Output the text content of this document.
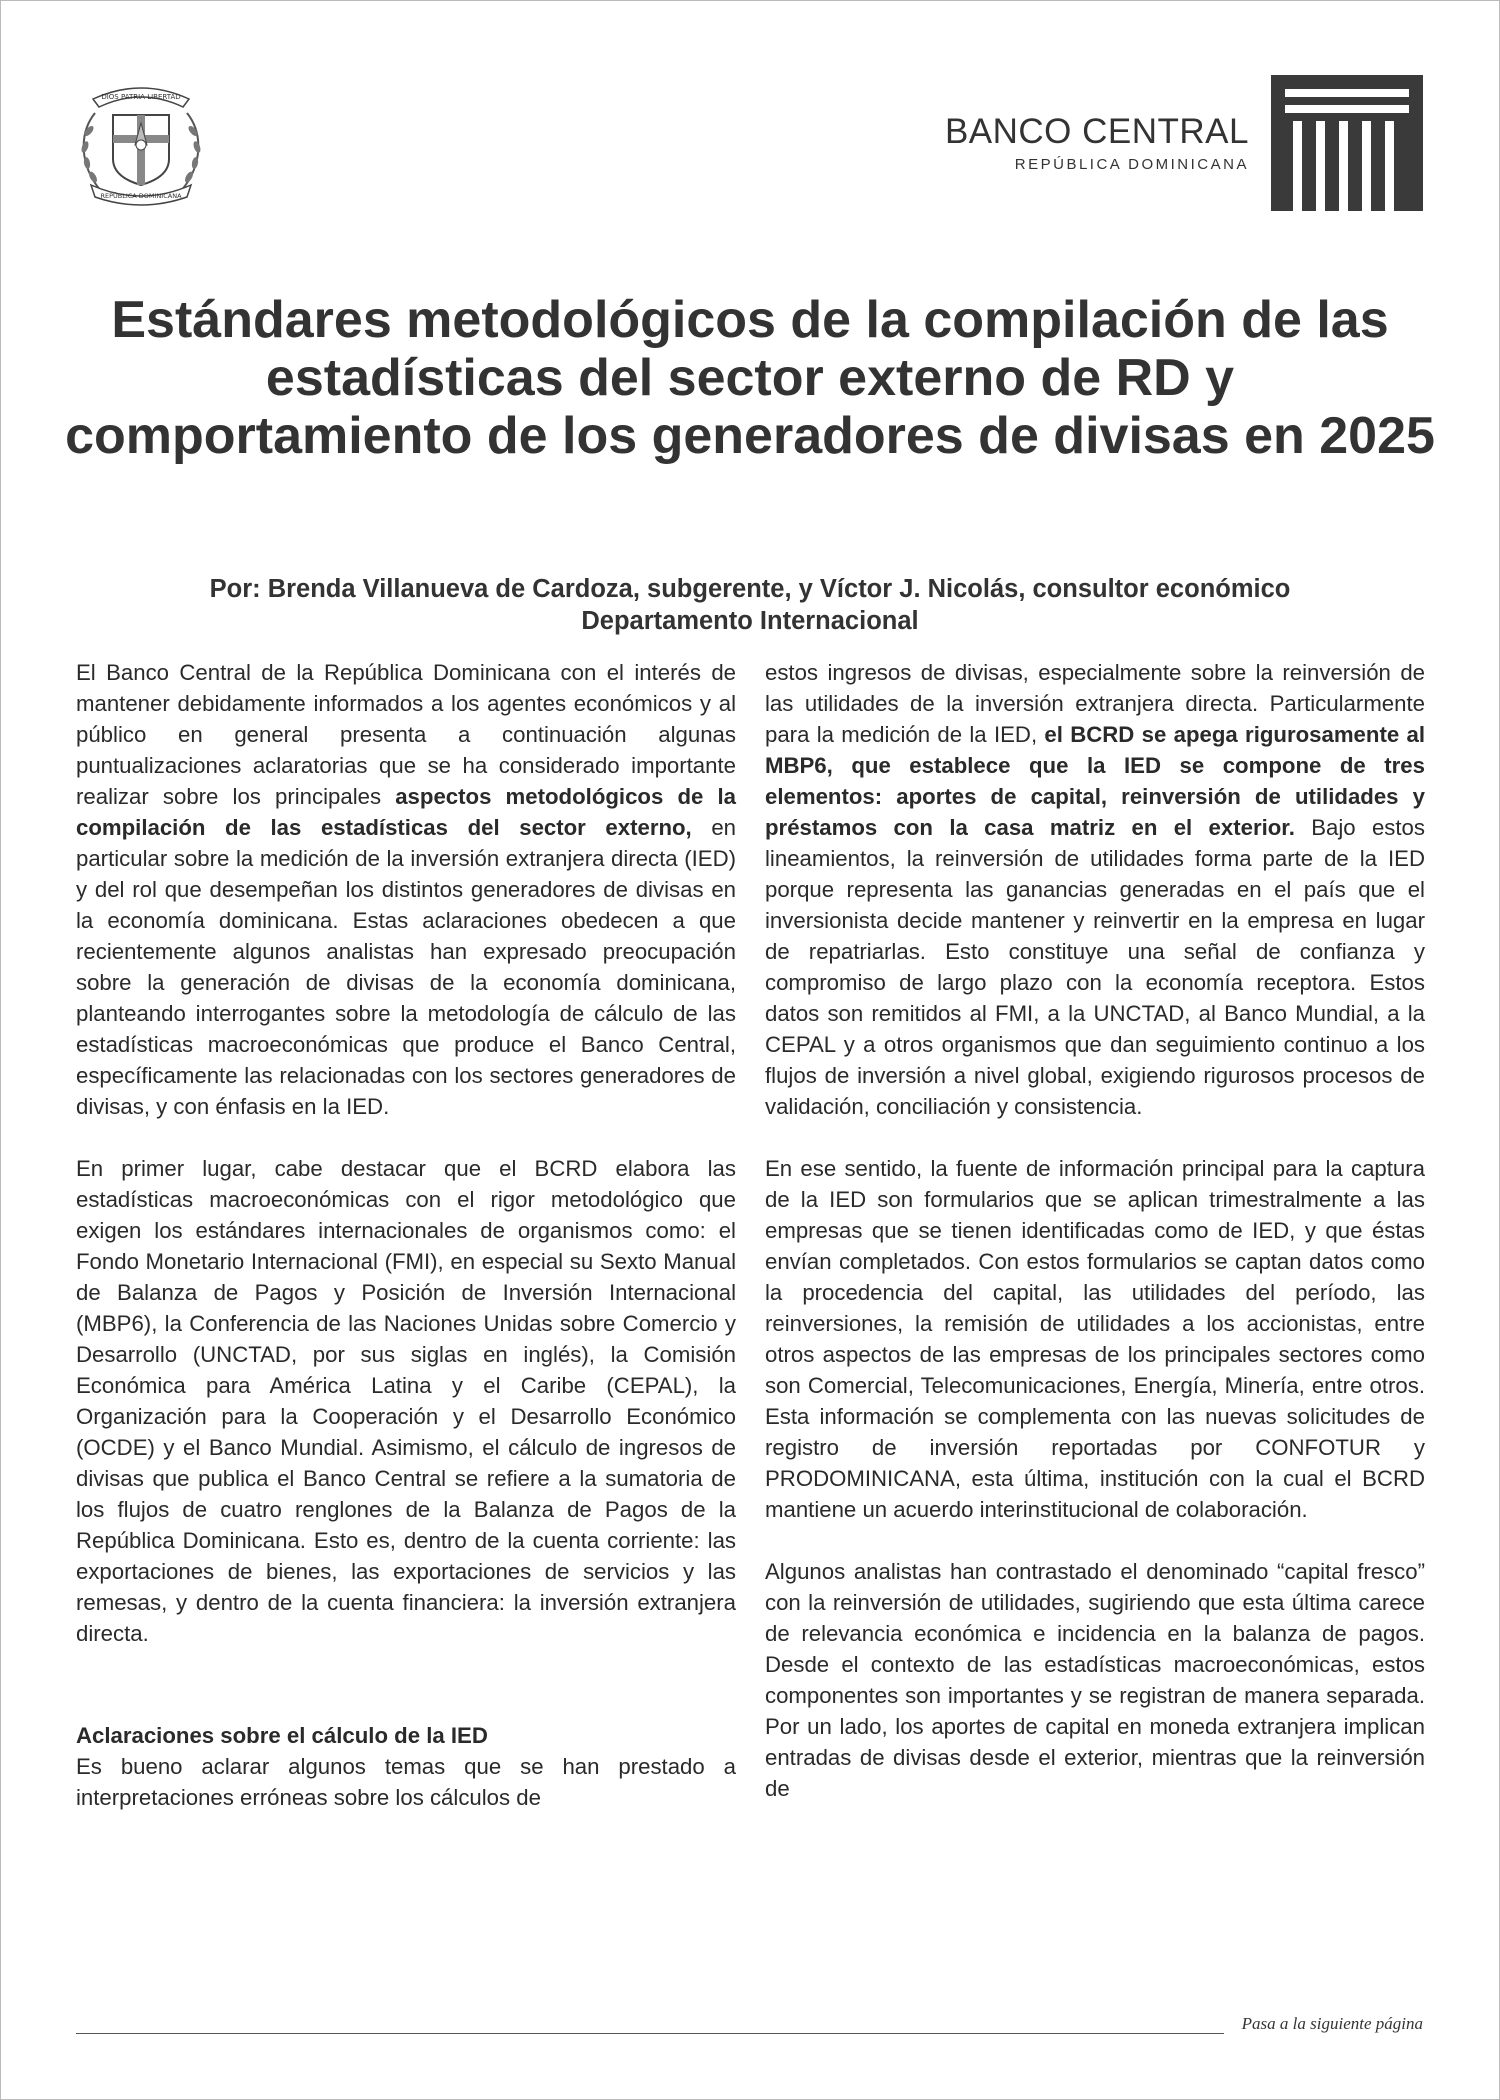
DIOS PATRIA LIBERTAD
REPÚBLICA DOMINICANA
BANCO CENTRAL
REPÚBLICA DOMINICANA
Estándares metodológicos de la compilación de las estadísticas del sector externo de RD y comportamiento de los generadores de divisas en 2025
Por: Brenda Villanueva de Cardoza, subgerente, y Víctor J. Nicolás, consultor económico
Departamento Internacional

El Banco Central de la República Dominicana con el interés de mantener debidamente informados a los agentes económicos y al público en general presenta a continuación algunas puntualizaciones aclaratorias que se ha considerado importante realizar sobre los principales aspectos metodológicos de la compilación de las estadísticas del sector externo, en particular sobre la medición de la inversión extranjera directa (IED) y del rol que desempeñan los distintos generadores de divisas en la economía dominicana. Estas aclaraciones obedecen a que recientemente algunos analistas han expresado preocupación sobre la generación de divisas de la economía dominicana, planteando interrogantes sobre la metodología de cálculo de las estadísticas macroeconómicas que produce el Banco Central, específicamente las relacionadas con los sectores generadores de divisas, y con énfasis en la IED.

En primer lugar, cabe destacar que el BCRD elabora las estadísticas macroeconómicas con el rigor metodológico que exigen los estándares internacionales de organismos como: el Fondo Monetario Internacional (FMI), en especial su Sexto Manual de Balanza de Pagos y Posición de Inversión Internacional (MBP6), la Conferencia de las Naciones Unidas sobre Comercio y Desarrollo (UNCTAD, por sus siglas en inglés), la Comisión Económica para América Latina y el Caribe (CEPAL), la Organización para la Cooperación y el Desarrollo Económico (OCDE) y el Banco Mundial. Asimismo, el cálculo de ingresos de divisas que publica el Banco Central se refiere a la sumatoria de los flujos de cuatro renglones de la Balanza de Pagos de la República Dominicana. Esto es, dentro de la cuenta corriente: las exportaciones de bienes, las exportaciones de servicios y las remesas, y dentro de la cuenta financiera: la inversión extranjera directa.

Aclaraciones sobre el cálculo de la IED

Es bueno aclarar algunos temas que se han prestado a interpretaciones erróneas sobre los cálculos de

estos ingresos de divisas, especialmente sobre la reinversión de las utilidades de la inversión extranjera directa. Particularmente para la medición de la IED, el BCRD se apega rigurosamente al MBP6, que establece que la IED se compone de tres elementos: aportes de capital, reinversión de utilidades y préstamos con la casa matriz en el exterior. Bajo estos lineamientos, la reinversión de utilidades forma parte de la IED porque representa las ganancias generadas en el país que el inversionista decide mantener y reinvertir en la empresa en lugar de repatriarlas. Esto constituye una señal de confianza y compromiso de largo plazo con la economía receptora. Estos datos son remitidos al FMI, a la UNCTAD, al Banco Mundial, a la CEPAL y a otros organismos que dan seguimiento continuo a los flujos de inversión a nivel global, exigiendo rigurosos procesos de validación, conciliación y consistencia.

En ese sentido, la fuente de información principal para la captura de la IED son formularios que se aplican trimestralmente a las empresas que se tienen identificadas como de IED, y que éstas envían completados. Con estos formularios se captan datos como la procedencia del capital, las utilidades del período, las reinversiones, la remisión de utilidades a los accionistas, entre otros aspectos de las empresas de los principales sectores como son Comercial, Telecomunicaciones, Energía, Minería, entre otros. Esta información se complementa con las nuevas solicitudes de registro de inversión reportadas por CONFOTUR y PRODOMINICANA, esta última, institución con la cual el BCRD mantiene un acuerdo interinstitucional de colaboración.

Algunos analistas han contrastado el denominado “capital fresco” con la reinversión de utilidades, sugiriendo que esta última carece de relevancia económica e incidencia en la balanza de pagos. Desde el contexto de las estadísticas macroeconómicas, estos componentes son importantes y se registran de manera separada. Por un lado, los aportes de capital en moneda extranjera implican entradas de divisas desde el exterior, mientras que la reinversión de

Pasa a la siguiente página
